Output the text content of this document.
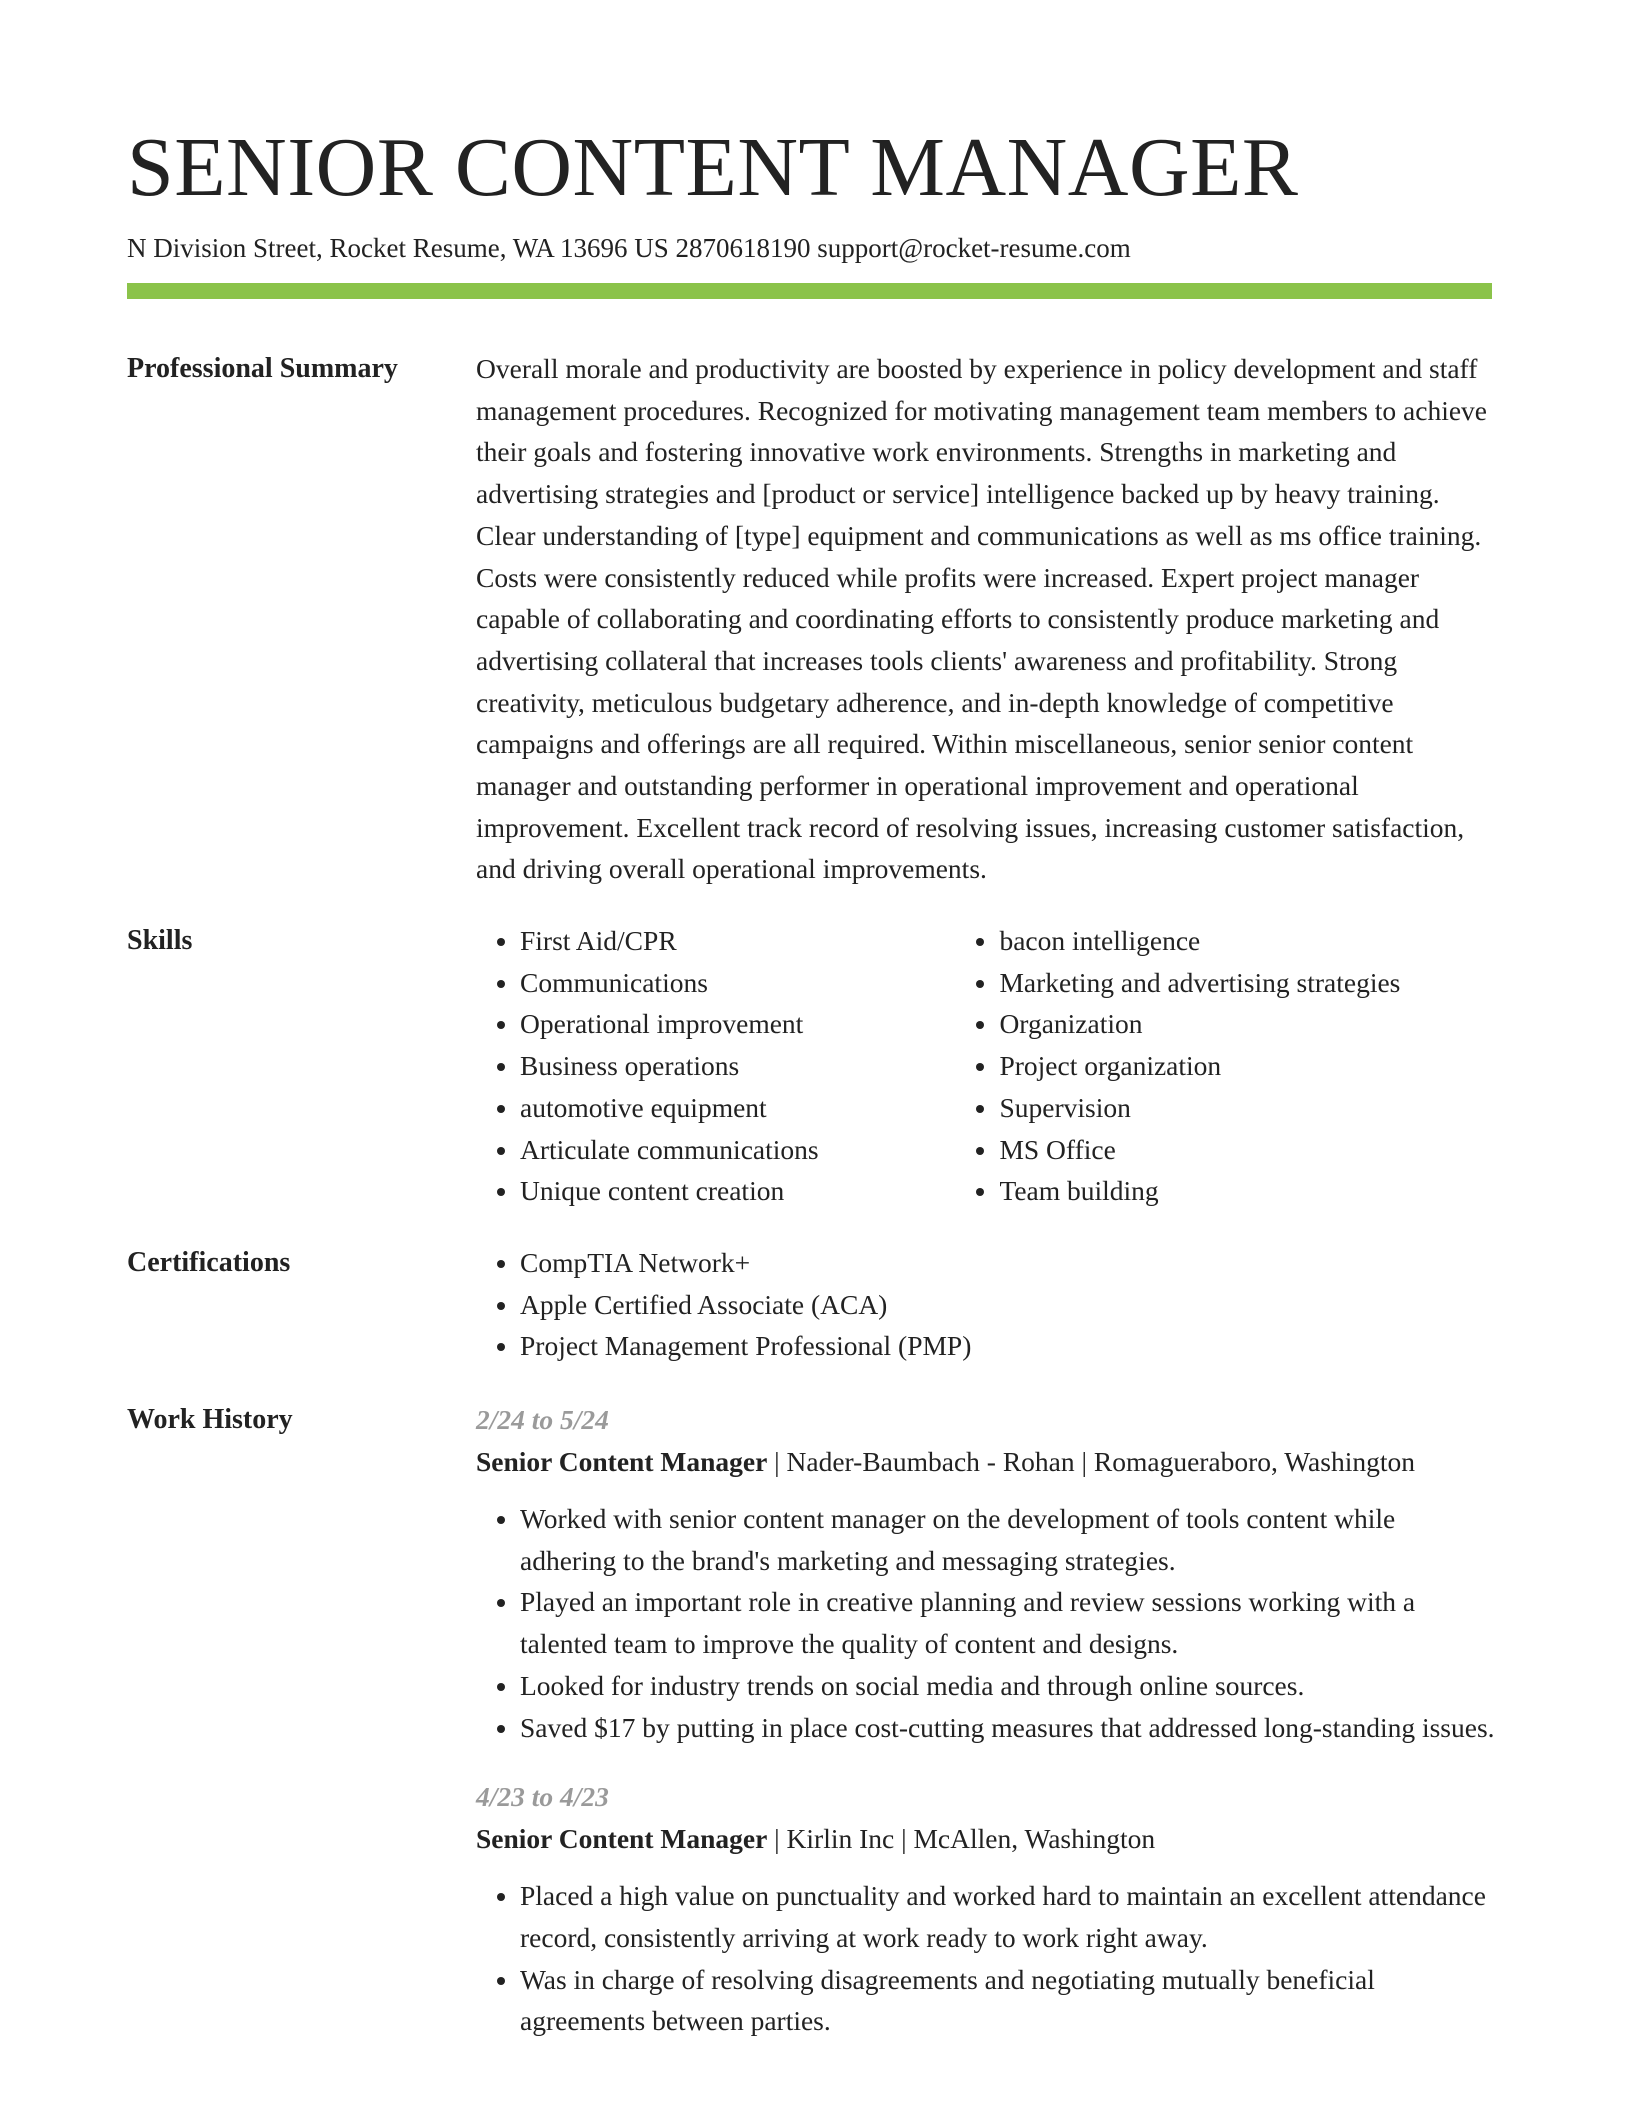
SENIOR CONTENT MANAGER
N Division Street, Rocket Resume, WA 13696 US 2870618190 support@rocket-resume.com
Professional Summary	Overall morale and productivity are boosted by experience in policy development and staff management procedures. Recognized for motivating management team members to achieve their goals and fostering innovative work environments. Strengths in marketing and advertising strategies and [product or service] intelligence backed up by heavy training. Clear understanding of [type] equipment and communications as well as ms office training. Costs were consistently reduced while profits were increased. Expert project manager capable of collaborating and coordinating efforts to consistently produce marketing and advertising collateral that increases tools clients' awareness and profitability. Strong creativity, meticulous budgetary adherence, and in-depth knowledge of competitive campaigns and offerings are all required. Within miscellaneous, senior senior content manager and outstanding performer in operational improvement and operational improvement. Excellent track record of resolving issues, increasing customer satisfaction, and driving overall operational improvements.

Skills	• First Aid/CPR
• Communications
• Operational improvement
• Business operations
• automotive equipment
• Articulate communications
• Unique content creation
• bacon intelligence
• Marketing and advertising strategies
• Organization
• Project organization
• Supervision
• MS Office
• Team building
Certifications	• CompTIA Network+
• Apple Certified Associate (ACA)
• Project Management Professional (PMP)
Work History	2/24 to 5/24
Senior Content Manager | Nader-Baumbach - Rohan | Romagueraboro, Washington
• Worked with senior content manager on the development of tools content while adhering to the brand's marketing and messaging strategies.
• Played an important role in creative planning and review sessions working with a talented team to improve the quality of content and designs.
• Looked for industry trends on social media and through online sources.
• Saved $17 by putting in place cost-cutting measures that addressed long-standing issues.
4/23 to 4/23
Senior Content Manager | Kirlin Inc | McAllen, Washington
• Placed a high value on punctuality and worked hard to maintain an excellent attendance record, consistently arriving at work ready to work right away.
• Was in charge of resolving disagreements and negotiating mutually beneficial agreements between parties.
